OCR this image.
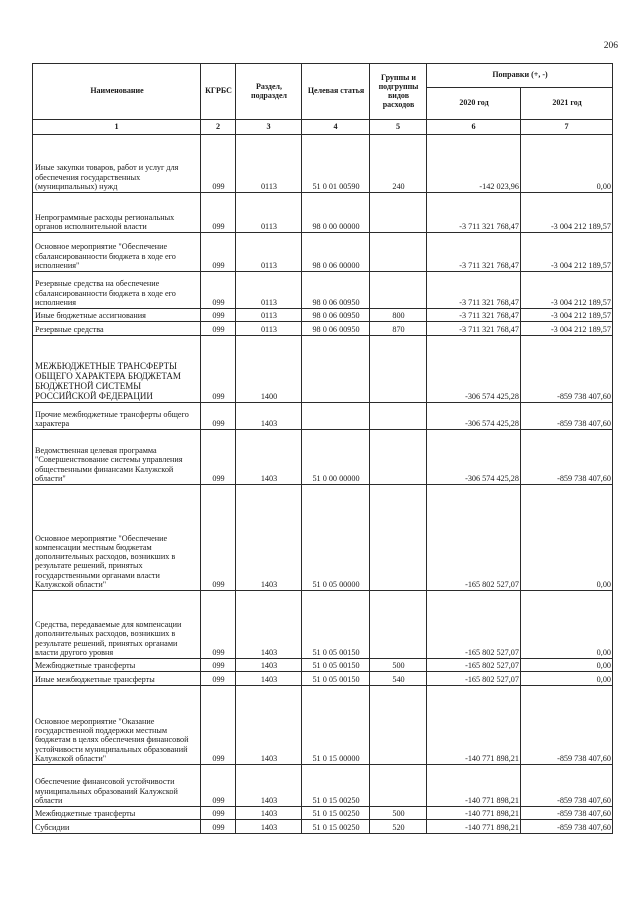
206
Наименование	КГРБС	Раздел, подраздел	Целевая статья	Группы и подгруппы видов расходов	Поправки (+, -)	
					2020 год	2021 год
1	2	3	4	5	6	7
Иные закупки товаров, работ и услуг для обеспечения государственных (муниципальных) нужд	099	0113	51 0 01 00590	240	-142 023,96	0,00
Непрограммные расходы региональных органов исполнительной власти	099	0113	98 0 00 00000		-3 711 321 768,47	-3 004 212 189,57
Основное мероприятие "Обеспечение сбалансированности бюджета в ходе его исполнения"	099	0113	98 0 06 00000		-3 711 321 768,47	-3 004 212 189,57
Резервные средства на обеспечение сбалансированности бюджета в ходе его исполнения	099	0113	98 0 06 00950		-3 711 321 768,47	-3 004 212 189,57
Иные бюджетные ассигнования	099	0113	98 0 06 00950	800	-3 711 321 768,47	-3 004 212 189,57
Резервные средства	099	0113	98 0 06 00950	870	-3 711 321 768,47	-3 004 212 189,57
МЕЖБЮДЖЕТНЫЕ ТРАНСФЕРТЫ ОБЩЕГО ХАРАКТЕРА БЮДЖЕТАМ БЮДЖЕТНОЙ СИСТЕМЫ РОССИЙСКОЙ ФЕДЕРАЦИИ	099	1400			-306 574 425,28	-859 738 407,60
Прочие межбюджетные трансферты общего характера	099	1403			-306 574 425,28	-859 738 407,60
Ведомственная целевая программа "Совершенствование системы управления общественными финансами Калужской области"	099	1403	51 0 00 00000		-306 574 425,28	-859 738 407,60
Основное мероприятие "Обеспечение компенсации местным бюджетам дополнительных расходов, возникших в результате решений, принятых государственными органами власти Калужской области"	099	1403	51 0 05 00000		-165 802 527,07	0,00
Средства, передаваемые для компенсации дополнительных расходов, возникших в результате решений, принятых органами власти другого уровня	099	1403	51 0 05 00150		-165 802 527,07	0,00
Межбюджетные трансферты	099	1403	51 0 05 00150	500	-165 802 527,07	0,00
Иные межбюджетные трансферты	099	1403	51 0 05 00150	540	-165 802 527,07	0,00
Основное мероприятие "Оказание государственной поддержки местным бюджетам в целях обеспечения финансовой устойчивости муниципальных образований Калужской области"	099	1403	51 0 15 00000		-140 771 898,21	-859 738 407,60
Обеспечение финансовой устойчивости муниципальных образований Калужской области	099	1403	51 0 15 00250		-140 771 898,21	-859 738 407,60
Межбюджетные трансферты	099	1403	51 0 15 00250	500	-140 771 898,21	-859 738 407,60
Субсидии	099	1403	51 0 15 00250	520	-140 771 898,21	-859 738 407,60
